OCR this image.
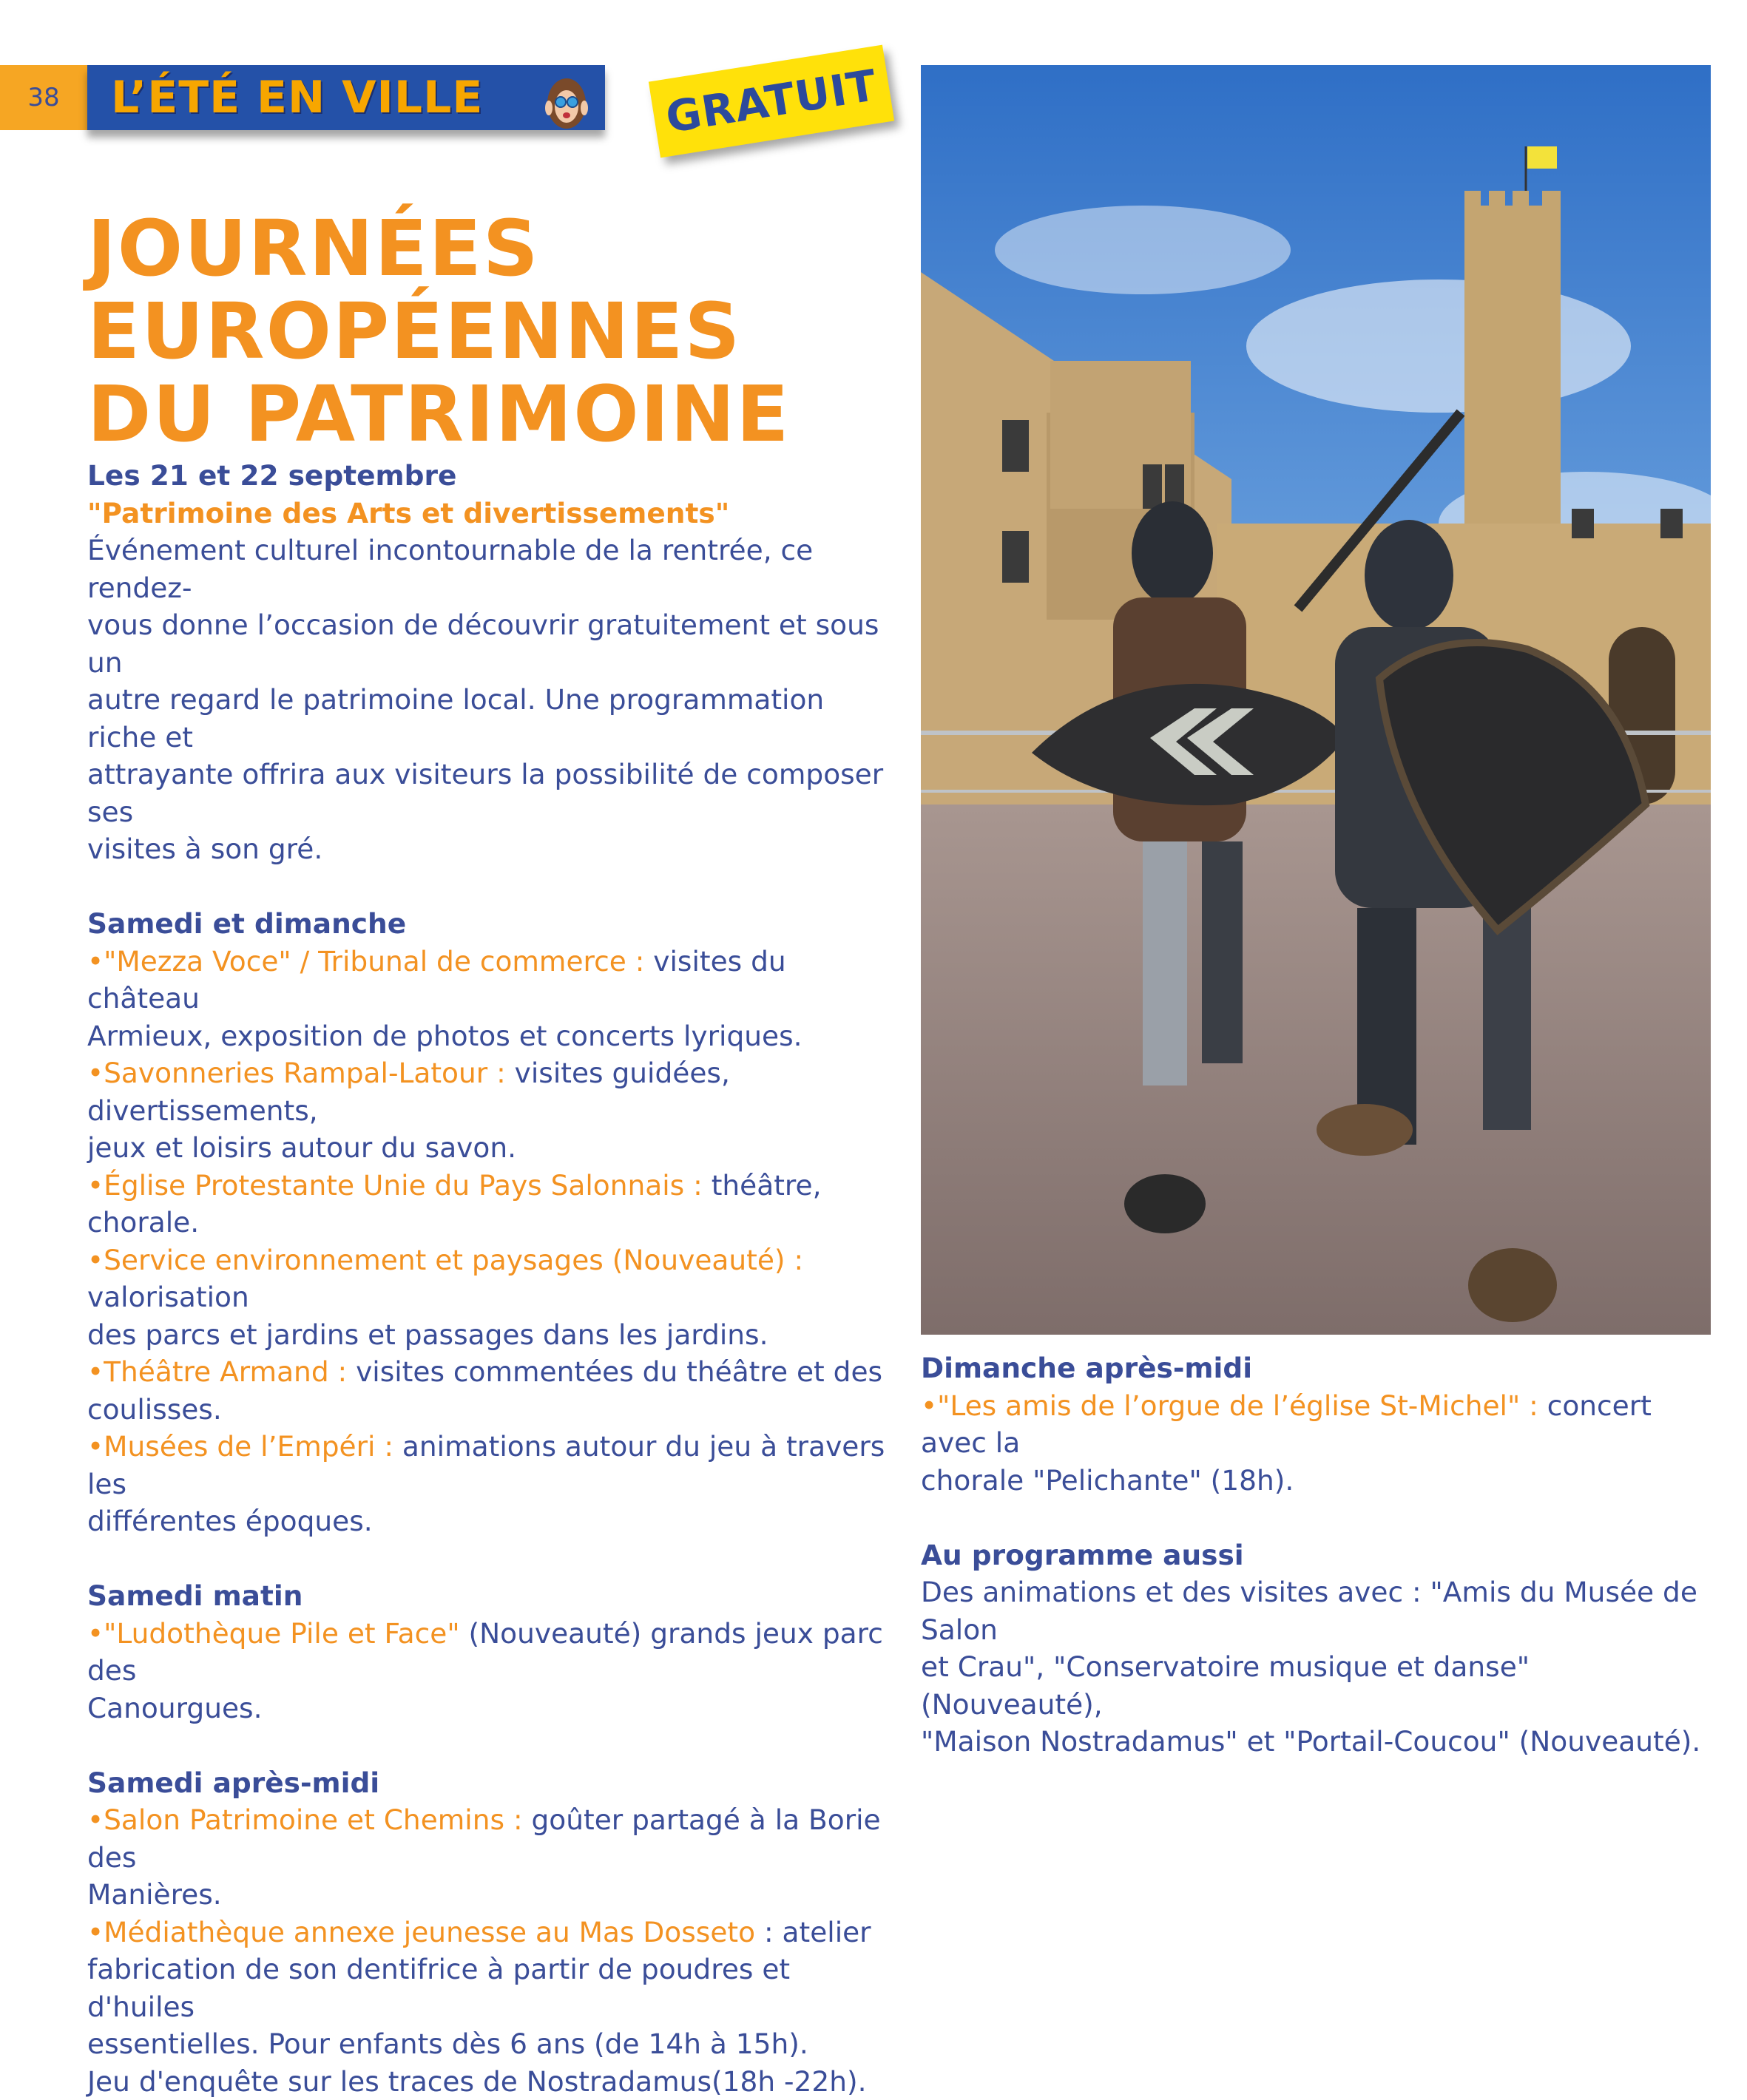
38	L’ÉTÉ EN VILLE	GRATUIT
JOURNÉES
EUROPÉENNES
DU PATRIMOINE

Les 21 et 22 septembre

"Patrimoine des Arts et divertissements"

Événement culturel incontournable de la rentrée, ce rendez-

vous donne l’occasion de découvrir gratuitement et sous un

autre regard le patrimoine local. Une programmation riche et

attrayante offrira aux visiteurs la possibilité de composer ses

visites à son gré.

Samedi et dimanche

•"Mezza Voce" / Tribunal de commerce : visites du château

Armieux, exposition de photos et concerts lyriques.

•Savonneries Rampal-Latour : visites guidées, divertissements,

jeux et loisirs autour du savon.

•Église Protestante Unie du Pays Salonnais : théâtre, chorale.

•Service environnement et paysages (Nouveauté) : valorisation

des parcs et jardins et passages dans les jardins.

•Théâtre Armand : visites commentées du théâtre et des

coulisses.

•Musées de l’Empéri : animations autour du jeu à travers les

différentes époques.

Samedi matin

•"Ludothèque Pile et Face" (Nouveauté) grands jeux parc des

Canourgues.

Samedi après-midi

•Salon Patrimoine et Chemins : goûter partagé à la Borie des

Manières.

•Médiathèque annexe jeunesse au Mas Dosseto : atelier

fabrication de son dentifrice à partir de poudres et d'huiles

essentielles. Pour enfants dès 6 ans (de 14h à 15h).

Jeu d'enquête sur les traces de Nostradamus(18h -22h).

Dimanche après-midi

•"Les amis de l’orgue de l’église St-Michel" : concert avec la

chorale "Pelichante" (18h).

Au programme aussi

Des animations et des visites avec : "Amis du Musée de Salon

et Crau", "Conservatoire musique et danse" (Nouveauté),

"Maison Nostradamus" et "Portail-Coucou" (Nouveauté).
